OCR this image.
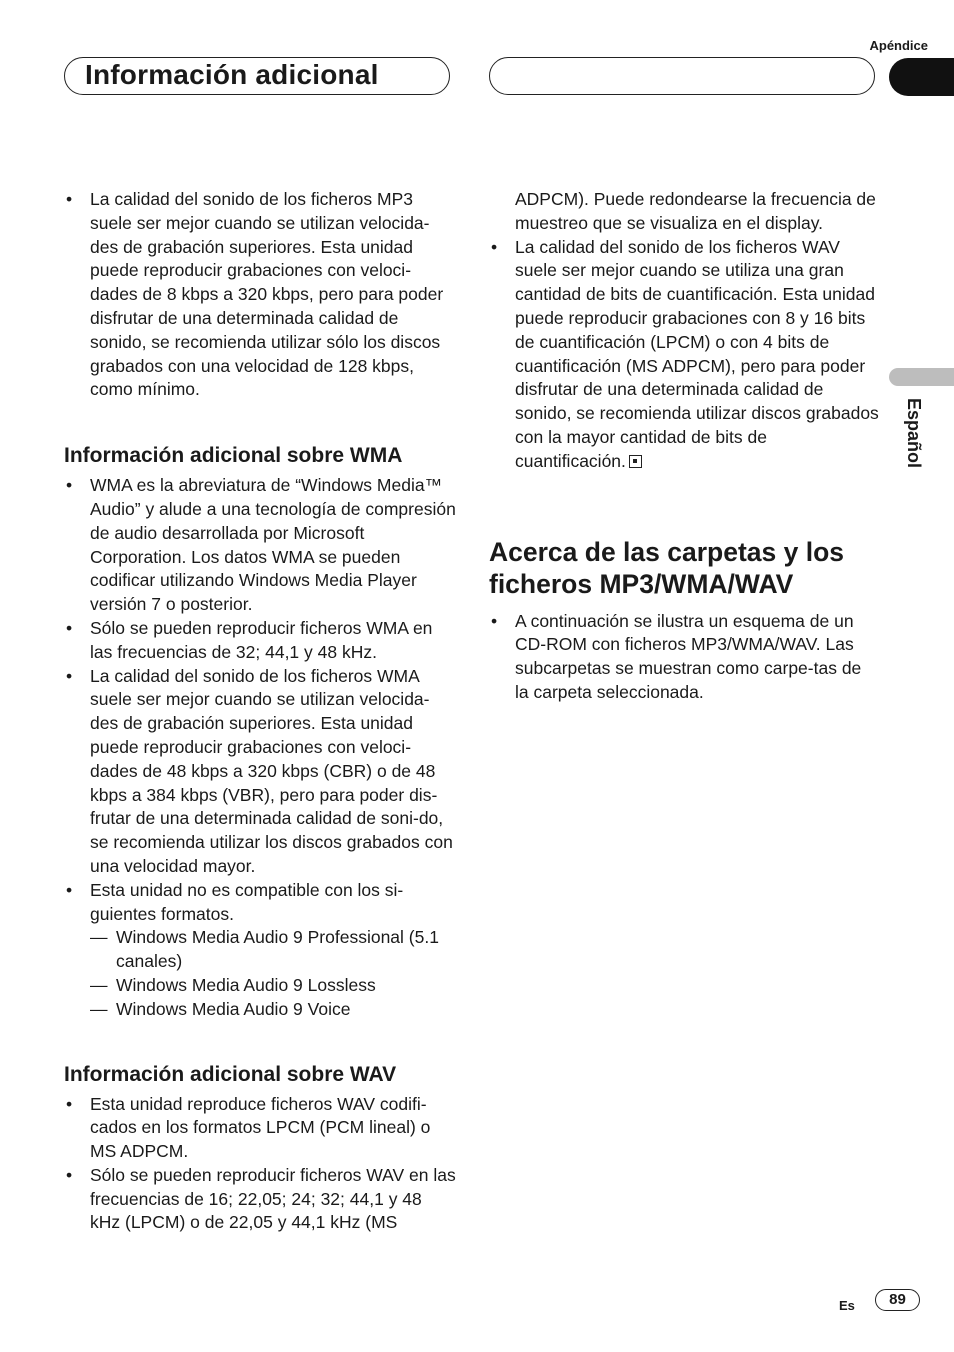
Apéndice
Información adicional
Español
• La calidad del sonido de los ficheros MP3 suele ser mejor cuando se utilizan velocida-des de grabación superiores. Esta unidad puede reproducir grabaciones con veloci-dades de 8 kbps a 320 kbps, pero para poder disfrutar de una determinada calidad de sonido, se recomienda utilizar sólo los discos grabados con una velocidad de 128 kbps, como mínimo.
Información adicional sobre WMA
• WMA es la abreviatura de “Windows Media™ Audio” y alude a una tecnología de compresión de audio desarrollada por Microsoft Corporation. Los datos WMA se pueden codificar utilizando Windows Media Player versión 7 o posterior.
• Sólo se pueden reproducir ficheros WMA en las frecuencias de 32; 44,1 y 48 kHz.
• La calidad del sonido de los ficheros WMA suele ser mejor cuando se utilizan velocida-des de grabación superiores. Esta unidad puede reproducir grabaciones con veloci-dades de 48 kbps a 320 kbps (CBR) o de 48 kbps a 384 kbps (VBR), pero para poder dis-frutar de una determinada calidad de soni-do, se recomienda utilizar los discos grabados con una velocidad mayor.
• Esta unidad no es compatible con los si-guientes formatos.
— Windows Media Audio 9 Professional (5.1 canales)
— Windows Media Audio 9 Lossless
— Windows Media Audio 9 Voice
Información adicional sobre WAV
• Esta unidad reproduce ficheros WAV codifi-cados en los formatos LPCM (PCM lineal) o MS ADPCM.
• Sólo se pueden reproducir ficheros WAV en las frecuencias de 16; 22,05; 24; 32; 44,1 y 48 kHz (LPCM) o de 22,05 y 44,1 kHz (MS
ADPCM). Puede redondearse la frecuencia de muestreo que se visualiza en el display.
• La calidad del sonido de los ficheros WAV suele ser mejor cuando se utiliza una gran cantidad de bits de cuantificación. Esta unidad puede reproducir grabaciones con 8 y 16 bits de cuantificación (LPCM) o con 4 bits de cuantificación (MS ADPCM), pero para poder disfrutar de una determinada calidad de sonido, se recomienda utilizar discos grabados con la mayor cantidad de bits de cuantificación.
Acerca de las carpetas y los ficheros MP3/WMA/WAV
• A continuación se ilustra un esquema de un CD-ROM con ficheros MP3/WMA/WAV. Las subcarpetas se muestran como carpe-tas de la carpeta seleccionada.
Es	89
